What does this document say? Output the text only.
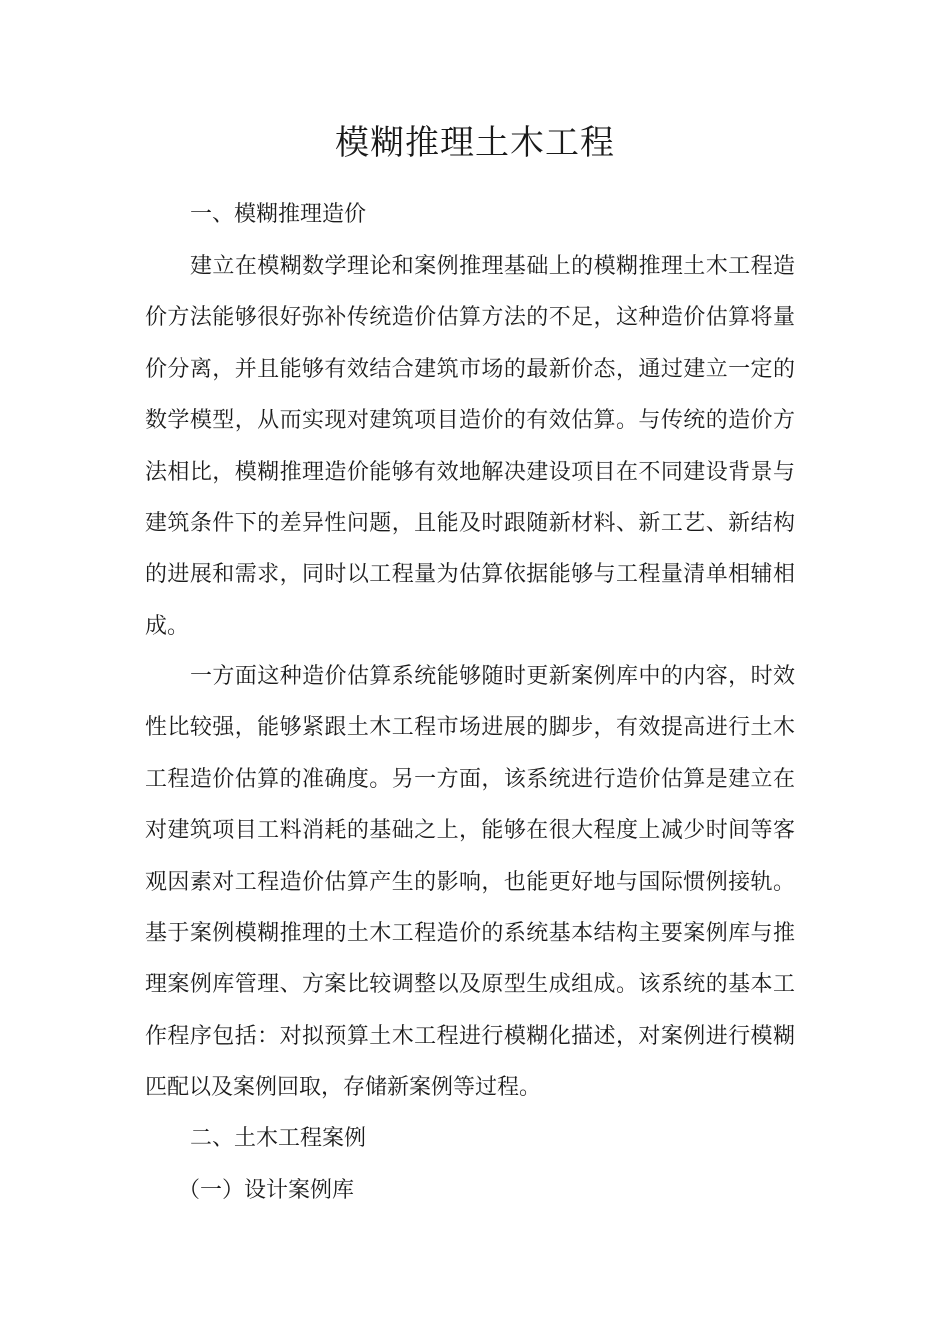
模糊推理土木工程
一、模糊推理造价
建立在模糊数学理论和案例推理基础上的模糊推理土木工程造
价方法能够很好弥补传统造价估算方法的不足，这种造价估算将量
价分离，并且能够有效结合建筑市场的最新价态，通过建立一定的
数学模型，从而实现对建筑项目造价的有效估算。与传统的造价方
法相比，模糊推理造价能够有效地解决建设项目在不同建设背景与
建筑条件下的差异性问题，且能及时跟随新材料、新工艺、新结构
的进展和需求，同时以工程量为估算依据能够与工程量清单相辅相
成。
一方面这种造价估算系统能够随时更新案例库中的内容，时效
性比较强，能够紧跟土木工程市场进展的脚步，有效提高进行土木
工程造价估算的准确度。另一方面，该系统进行造价估算是建立在
对建筑项目工料消耗的基础之上，能够在很大程度上减少时间等客
观因素对工程造价估算产生的影响，也能更好地与国际惯例接轨。
基于案例模糊推理的土木工程造价的系统基本结构主要案例库与推
理案例库管理、方案比较调整以及原型生成组成。该系统的基本工
作程序包括：对拟预算土木工程进行模糊化描述，对案例进行模糊
匹配以及案例回取，存储新案例等过程。
二、土木工程案例
（一）设计案例库
